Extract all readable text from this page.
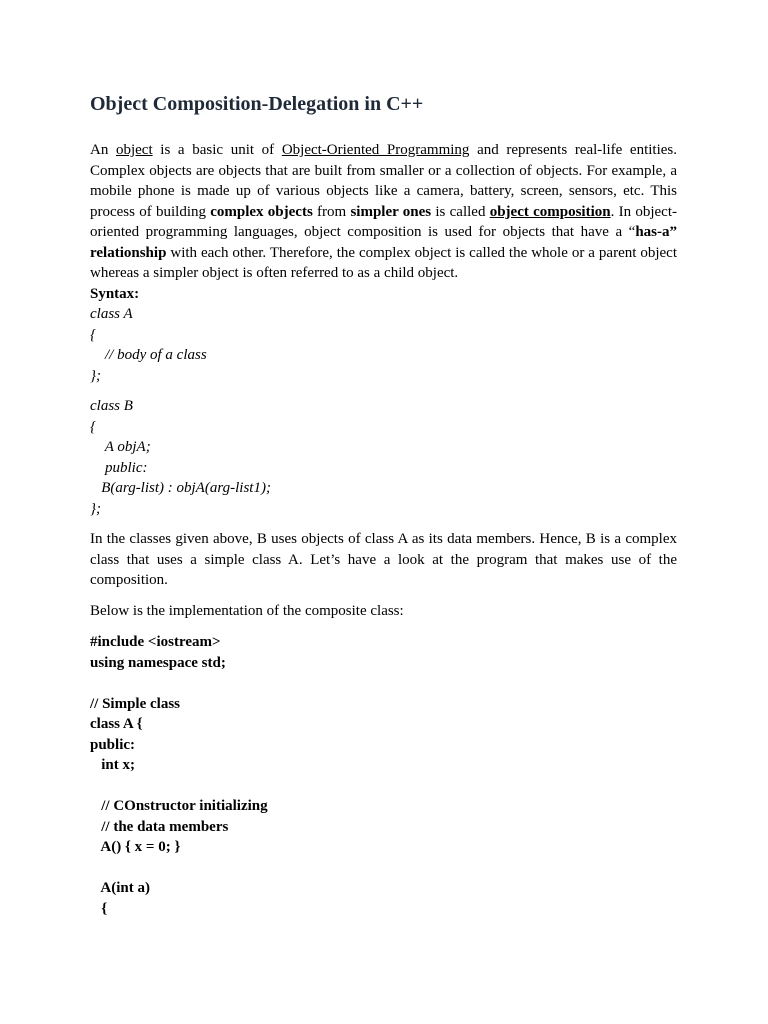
Object Composition-Delegation in C++

An object is a basic unit of Object-Oriented Programming and represents real-life entities. Complex objects are objects that are built from smaller or a collection of objects. For example, a mobile phone is made up of various objects like a camera, battery, screen, sensors, etc. This process of building complex objects from simpler ones is called object composition. In object-oriented programming languages, object composition is used for objects that have a “has-a” relationship with each other. Therefore, the complex object is called the whole or a parent object whereas a simpler object is often referred to as a child object.

Syntax:

class A

{

// body of a class

};

class B

{

A objA;

public:

B(arg-list) : objA(arg-list1);

};

In the classes given above, B uses objects of class A as its data members. Hence, B is a complex class that uses a simple class A. Let’s have a look at the program that makes use of the composition.

Below is the implementation of the composite class:

#include <iostream>

using namespace std;

// Simple class

class A {

public:

int x;

// COnstructor initializing

// the data members

A() { x = 0; }

A(int a)

{
